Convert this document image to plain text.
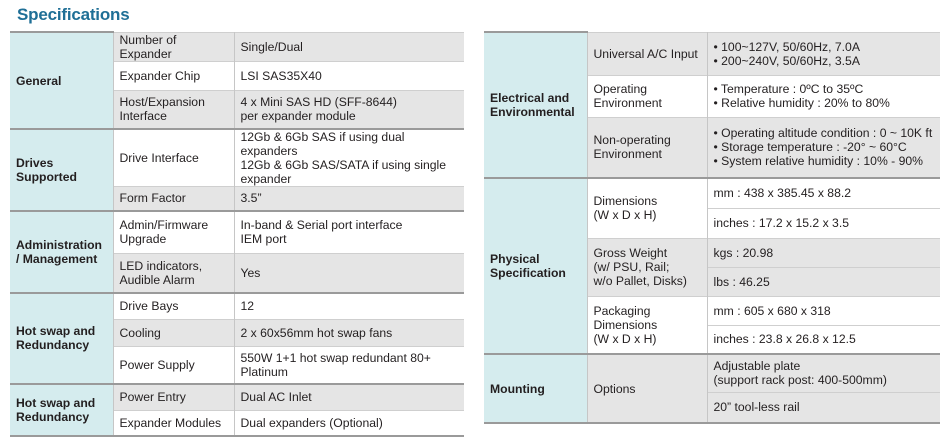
Specifications
General	Number of Expander	Single/Dual

	Expander Chip	LSI SAS35X40

	Host/Expansion
Interface	4 x Mini SAS HD (SFF-8644)
per expander module

Drives Supported	Drive Interface	12Gb & 6Gb SAS if using dual expanders
12Gb & 6Gb SAS/SATA if using single
expander

	Form Factor	3.5”

Administration / Management	Admin/Firmware
Upgrade	In-band & Serial port interface
IEM port

	LED indicators,
Audible Alarm	Yes

Hot swap and Redundancy	Drive Bays	12

	Cooling	2 x 60x56mm hot swap fans

	Power Supply	550W 1+1 hot swap redundant 80+
Platinum

Hot swap and Redundancy	Power Entry	Dual AC Inlet

	Expander Modules	Dual expanders (Optional)
Electrical and Environmental	Universal A/C Input	• 100~127V, 50/60Hz, 7.0A
• 200~240V, 50/60Hz, 3.5A

	Operating
Environment	• Temperature : 0ºC to 35ºC
• Relative humidity : 20% to 80%

	Non-operating
Environment	• Operating altitude condition : 0 ~ 10K ft
• Storage temperature : -20° ~ 60°C
• System relative humidity : 10% - 90%

Physical Specification	Dimensions
(W x D x H)	mm : 438 x 385.45 x 88.2

		inches : 17.2 x 15.2 x 3.5

	Gross Weight
(w/ PSU, Rail;
w/o Pallet, Disks)	kgs : 20.98

		lbs : 46.25

	Packaging
Dimensions
(W x D x H)	mm : 605 x 680 x 318

		inches : 23.8 x 26.8 x 12.5

Mounting	Options	Adjustable plate
(support rack post: 400-500mm)

		20” tool-less rail
